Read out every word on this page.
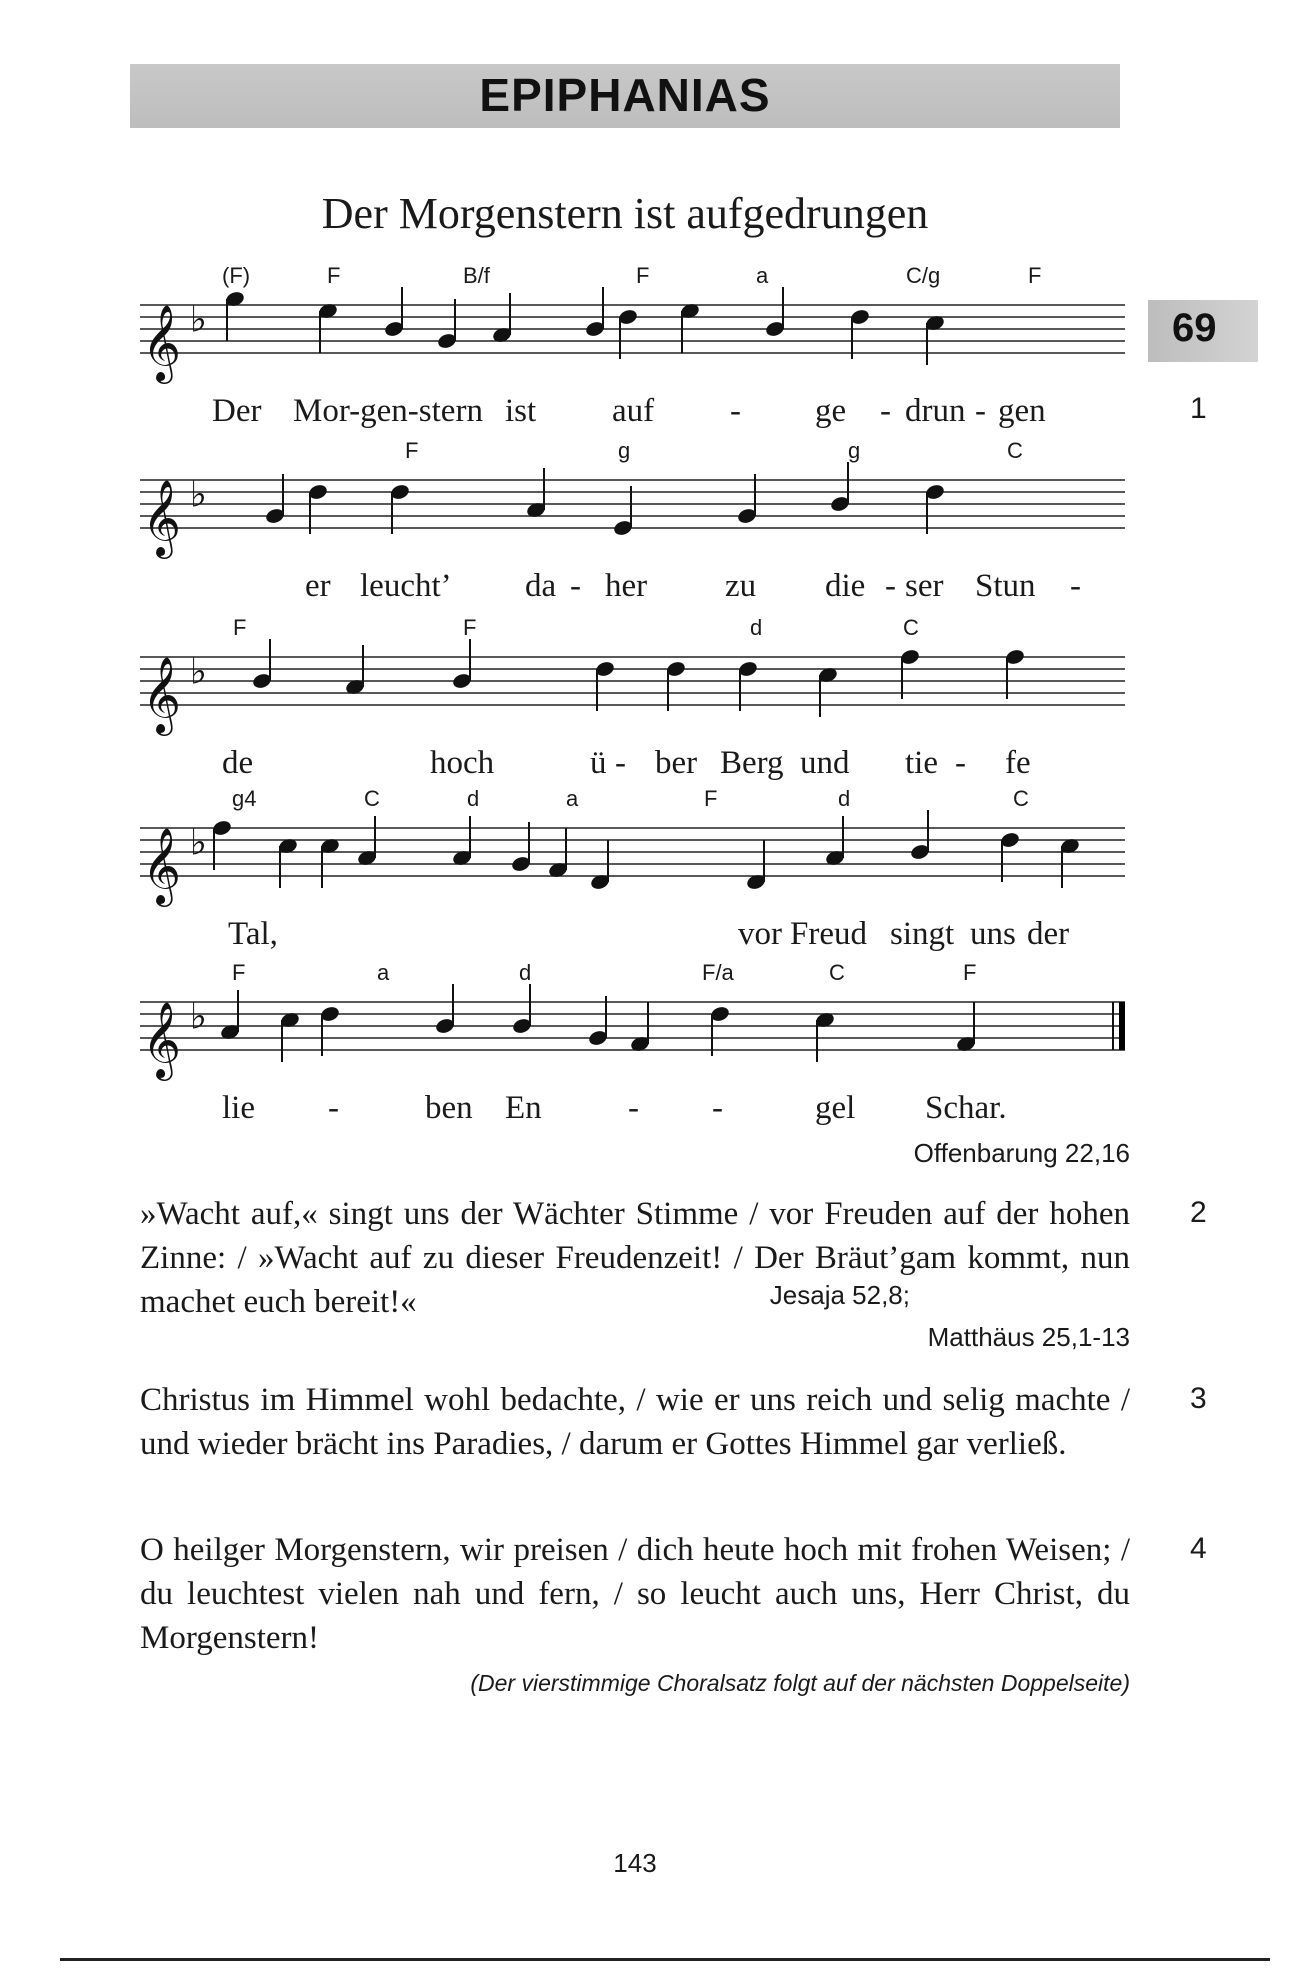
EPIPHANIAS
69
Der Morgenstern ist aufgedrungen
𝄞 ♭
(F)	F	B/f	F	a	C/g	F
Der Mor-gen-stern ist auf - ge - drun - gen
𝄞 ♭
F	g	g	C
er leucht’ da - her zu die - ser Stun -
𝄞 ♭
F	F	d	C
de	hoch	ü - ber Berg und tie - fe
𝄞 ♭
g4	C	d	a	F	d	C
Tal,	vor Freud singt uns der
𝄞 ♭
F	a	d	F/a	C	F
lie -	ben En	- -	gel Schar.
1
Offenbarung 22,16
2
»Wacht auf,« singt uns der Wächter Stimme / vor Freuden auf der hohen Zinne: / »Wacht auf zu dieser Freudenzeit! / Der Bräut’gam kommt, nun machet euch bereit!«	Jesaja 52,8;
Matthäus 25,1-13
3
Christus im Himmel wohl bedachte, / wie er uns reich und selig machte / und wieder brächt ins Paradies, / darum er Gottes Himmel gar verließ.
4
O heilger Morgenstern, wir preisen / dich heute hoch mit frohen Weisen; / du leuchtest vielen nah und fern, / so leucht auch uns, Herr Christ, du Morgenstern!
(Der vierstimmige Choralsatz folgt auf der nächsten Doppelseite)
143
